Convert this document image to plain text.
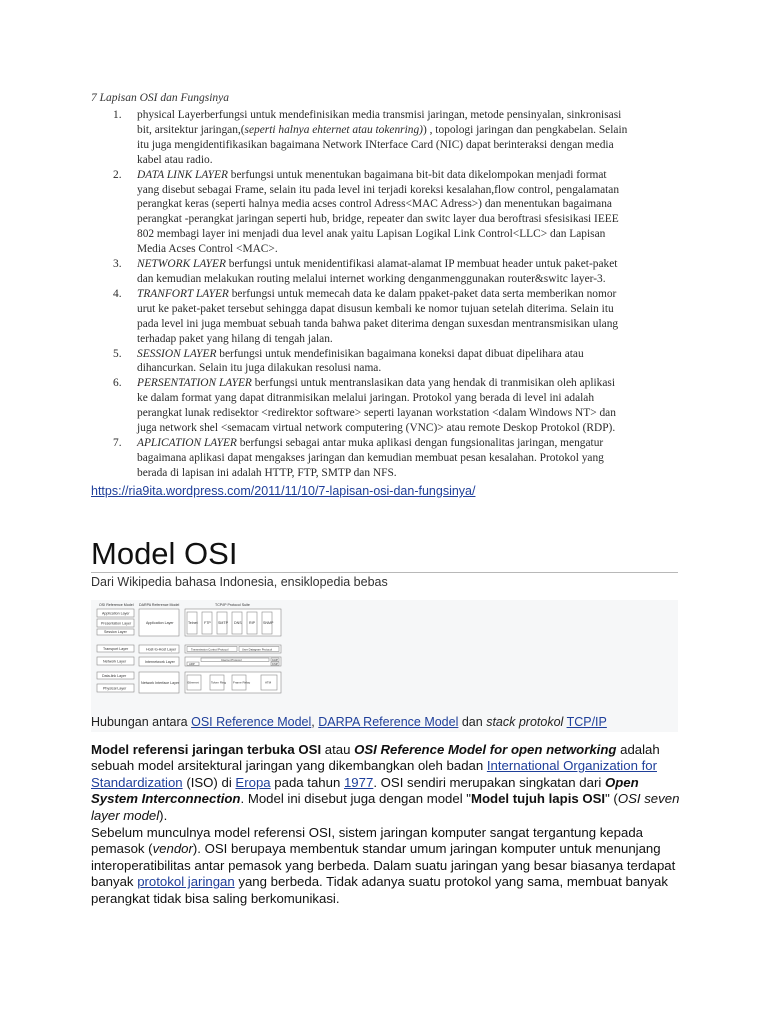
7 Lapisan OSI dan Fungsinya
1. physical Layerberfungsi untuk mendefinisikan media transmisi jaringan, metode pensinyalan, sinkronisasi
bit, arsitektur jaringan,(seperti halnya ehternet atau tokenring)) , topologi jaringan dan pengkabelan. Selain
itu juga mengidentifikasikan bagaimana Network INterface Card (NIC) dapat berinteraksi dengan media
kabel atau radio.
2. DATA LINK LAYER berfungsi untuk menentukan bagaimana bit-bit data dikelompokan menjadi format
yang disebut sebagai Frame, selain itu pada level ini terjadi koreksi kesalahan,flow control, pengalamatan
perangkat keras (seperti halnya media acses control Adress<MAC Adress>) dan menentukan bagaimana
perangkat -perangkat jaringan seperti hub, bridge, repeater dan switc layer dua beroftrasi sfesisikasi IEEE
802 membagi layer ini menjadi dua level anak yaitu Lapisan Logikal Link Control<LLC> dan Lapisan
Media Acses Control <MAC>.
3. NETWORK LAYER berfungsi untuk menidentifikasi alamat-alamat IP membuat header untuk paket-paket
dan kemudian melakukan routing melalui internet working denganmenggunakan router&switc layer-3.
4. TRANFORT LAYER berfungsi untuk memecah data ke dalam ppaket-paket data serta memberikan nomor
urut ke paket-paket tersebut sehingga dapat disusun kembali ke nomor tujuan setelah diterima. Selain itu
pada level ini juga membuat sebuah tanda bahwa paket diterima dengan suxesdan mentransmisikan ulang
terhadap paket yang hilang di tengah jalan.
5. SESSION LAYER berfungsi untuk mendefinisikan bagaimana koneksi dapat dibuat dipelihara atau
dihancurkan. Selain itu juga dilakukan resolusi nama.
6. PERSENTATION LAYER berfungsi untuk mentranslasikan data yang hendak di tranmisikan oleh aplikasi
ke dalam format yang dapat ditranmisikan melalui jaringan. Protokol yang berada di level ini adalah
perangkat lunak redisektor <redirektor software> seperti layanan workstation <dalam Windows NT> dan
juga network shel <semacam virtual network computering (VNC)> atau remote Deskop Protokol (RDP).
7. APLICATION LAYER berfungsi sebagai antar muka aplikasi dengan fungsionalitas jaringan, mengatur
bagaimana aplikasi dapat mengakses jaringan dan kemudian membuat pesan kesalahan. Protokol yang
berada di lapisan ini adalah HTTP, FTP, SMTP dan NFS.
https://ria9ita.wordpress.com/2011/11/10/7-lapisan-osi-dan-fungsinya/
Model OSI
Dari Wikipedia bahasa Indonesia, ensiklopedia bebas
OSI Reference Model DARPA Reference Model	TCP/IP Protocol Suite
Application Layer
Presentation Layer
Session Layer
Transport Layer
Network Layer
Data-link Layer
Physical Layer
Application Layer
Host-to-Host Layer
Internetwork Layer
Network Interface Layer
Telnet FTP SMTP DNS RIP SNMP
Transmission Control Protocol	User Datagram Protocol
ARP
Internet Protocol	IGMP
ICMP
Ethernet	Token Ring Frame Relay	ATM
Hubungan antara OSI Reference Model, DARPA Reference Model dan stack protokol TCP/IP

Model referensi jaringan terbuka OSI atau OSI Reference Model for open networking adalah sebuah model arsitektural jaringan yang dikembangkan oleh badan International Organization for Standardization (ISO) di Eropa pada tahun 1977. OSI sendiri merupakan singkatan dari Open System Interconnection. Model ini disebut juga dengan model "Model tujuh lapis OSI" (OSI seven layer model).

Sebelum munculnya model referensi OSI, sistem jaringan komputer sangat tergantung kepada pemasok (vendor). OSI berupaya membentuk standar umum jaringan komputer untuk menunjang interoperatibilitas antar pemasok yang berbeda. Dalam suatu jaringan yang besar biasanya terdapat banyak protokol jaringan yang berbeda. Tidak adanya suatu protokol yang sama, membuat banyak perangkat tidak bisa saling berkomunikasi.
